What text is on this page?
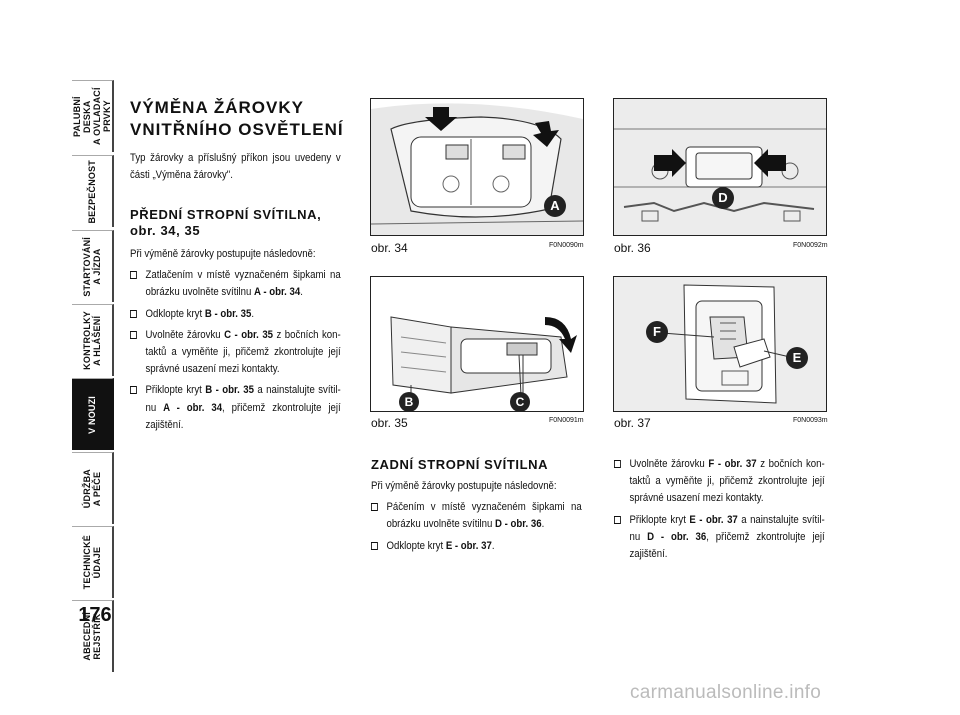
PALUBNÍ DESKA
A OVLADACÍ PRVKY
BEZPEČNOST
STARTOVÁNÍ
A JÍZDA
KONTROLKY
A HLÁŠENÍ
V NOUZI
ÚDRŽBA
A PÉČE
TECHNICKÉ
ÚDAJE
ABECEDNÍ
REJSTŘÍK
176
VÝMĚNA ŽÁROVKY
VNITŘNÍHO OSVĚTLENÍ
Typ žárovky a příslušný příkon jsou uvedeny v části „Výměna žárovky".
PŘEDNÍ STROPNÍ SVÍTILNA,
obr. 34, 35
Při výměně žárovky postupujte následovně:
Zatlačením v místě vyznačeném šipkami na obrázku uvolněte svítilnu A - obr. 34.
Odklopte kryt B - obr. 35.
Uvolněte žárovku C - obr. 35 z bočních kontaktů a vyměňte ji, přičemž zkontrolujte její správné usazení mezi kontakty.
Přiklopte kryt B - obr. 35 a nainstalujte svítilnu A - obr. 34, přičemž zkontrolujte její zajištění.
A
obr. 34	F0N0090m
B	C
obr. 35	F0N0091m
D
obr. 36	F0N0092m
F
E
obr. 37	F0N0093m
ZADNÍ STROPNÍ SVÍTILNA
Při výměně žárovky postupujte následovně:
Páčením v místě vyznačeném šipkami na obrázku uvolněte svítilnu D - obr. 36.
Odklopte kryt E - obr. 37.
Uvolněte žárovku F - obr. 37 z bočních kontaktů a vyměňte ji, přičemž zkontrolujte její správné usazení mezi kontakty.
Přiklopte kryt E - obr. 37 a nainstalujte svítilnu D - obr. 36, přičemž zkontrolujte její zajištění.
carmanualsonline.info
